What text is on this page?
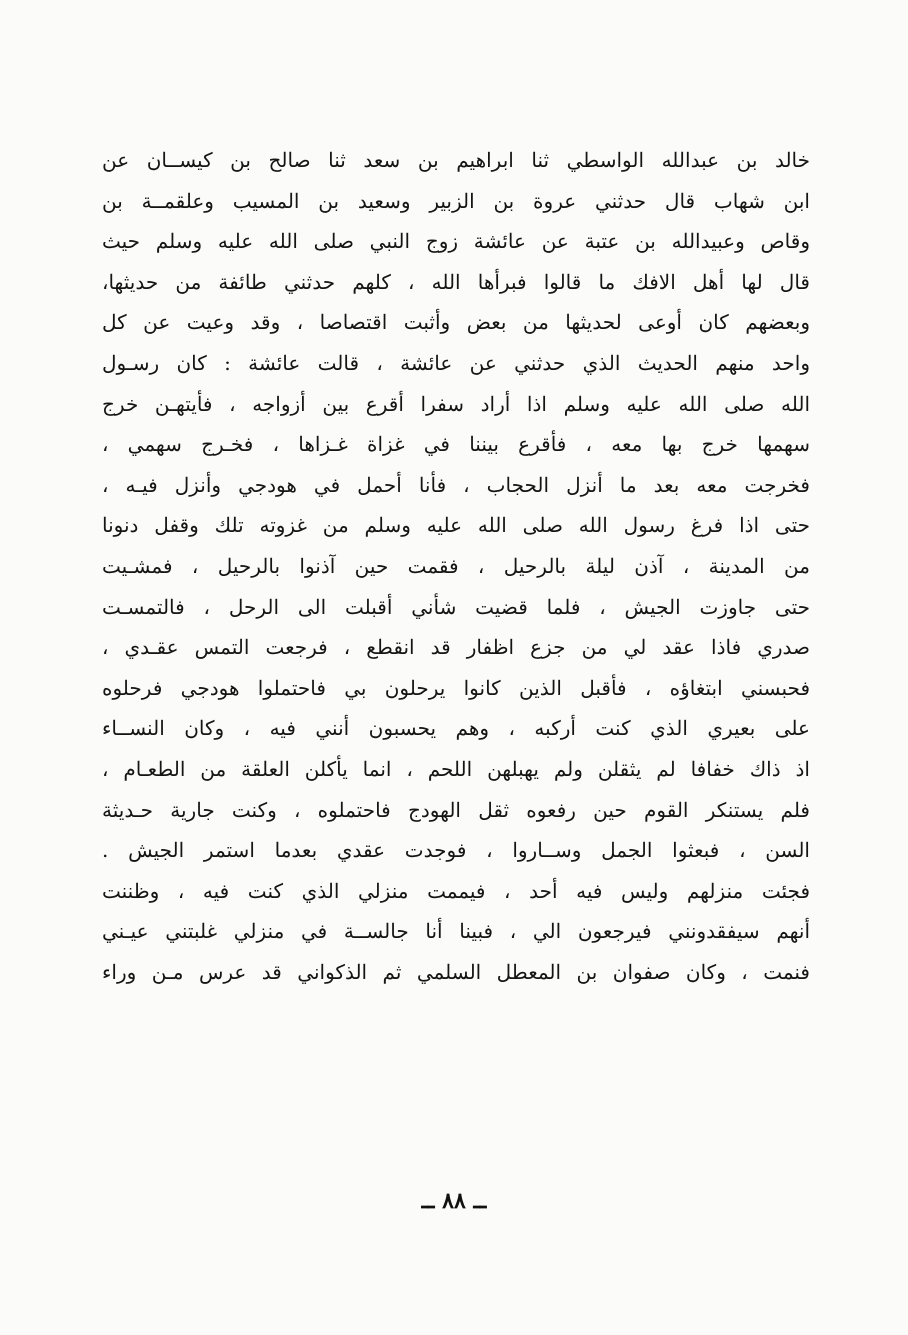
خالد بن عبدالله الواسطي ثنا ابراهيم بن سعد ثنا صالح بن كيســان عن
ابن شهاب قال حدثني عروة بن الزبير وسعيد بن المسيب وعلقمــة بن
وقاص وعبيدالله بن عتبة عن عائشة زوج النبي صلى الله عليه وسلم حيث
قال لها أهل الافك ما قالوا فبرأها الله ، كلهم حدثني طائفة من حديثها،
وبعضهم كان أوعى لحديثها من بعض وأثبت اقتصاصا ، وقد وعيت عن كل
واحد منهم الحديث الذي حدثني عن عائشة ، قالت عائشة : كان رسـول
الله صلى الله عليه وسلم اذا أراد سفرا أقرع بين أزواجه ، فأيتهـن خرج
سهمها خرج بها معه ، فأقرع بيننا في غزاة غـزاها ، فخـرج سهمي ،
فخرجت معه بعد ما أنزل الحجاب ، فأنا أحمل في هودجي وأنزل فيـه ،
حتى اذا فرغ رسول الله صلى الله عليه وسلم من غزوته تلك وقفل دنونا
من المدينة ، آذن ليلة بالرحيل ، فقمت حين آذنوا بالرحيل ، فمشـيت
حتى جاوزت الجيش ، فلما قضيت شأني أقبلت الى الرحل ، فالتمسـت
صدري فاذا عقد لي من جزع اظفار قد انقطع ، فرجعت التمس عقـدي ،
فحبسني ابتغاؤه ، فأقبل الذين كانوا يرحلون بي فاحتملوا هودجي فرحلوه
على بعيري الذي كنت أركبه ، وهم يحسبون أنني فيه ، وكان النســاء
اذ ذاك خفافا لم يثقلن ولم يهبلهن اللحم ، انما يأكلن العلقة من الطعـام ،
فلم يستنكر القوم حين رفعوه ثقل الهودج فاحتملوه ، وكنت جارية حـديثة
السن ، فبعثوا الجمل وســاروا ، فوجدت عقدي بعدما استمر الجيش .
فجئت منزلهم وليس فيه أحد ، فيممت منزلي الذي كنت فيه ، وظننت
أنهم سيفقدونني فيرجعون الي ، فبينا أنا جالســة في منزلي غلبتني عيـني
فنمت ، وكان صفوان بن المعطل السلمي ثم الذكواني قد عرس مـن وراء
ــ ٨٨ ــ
